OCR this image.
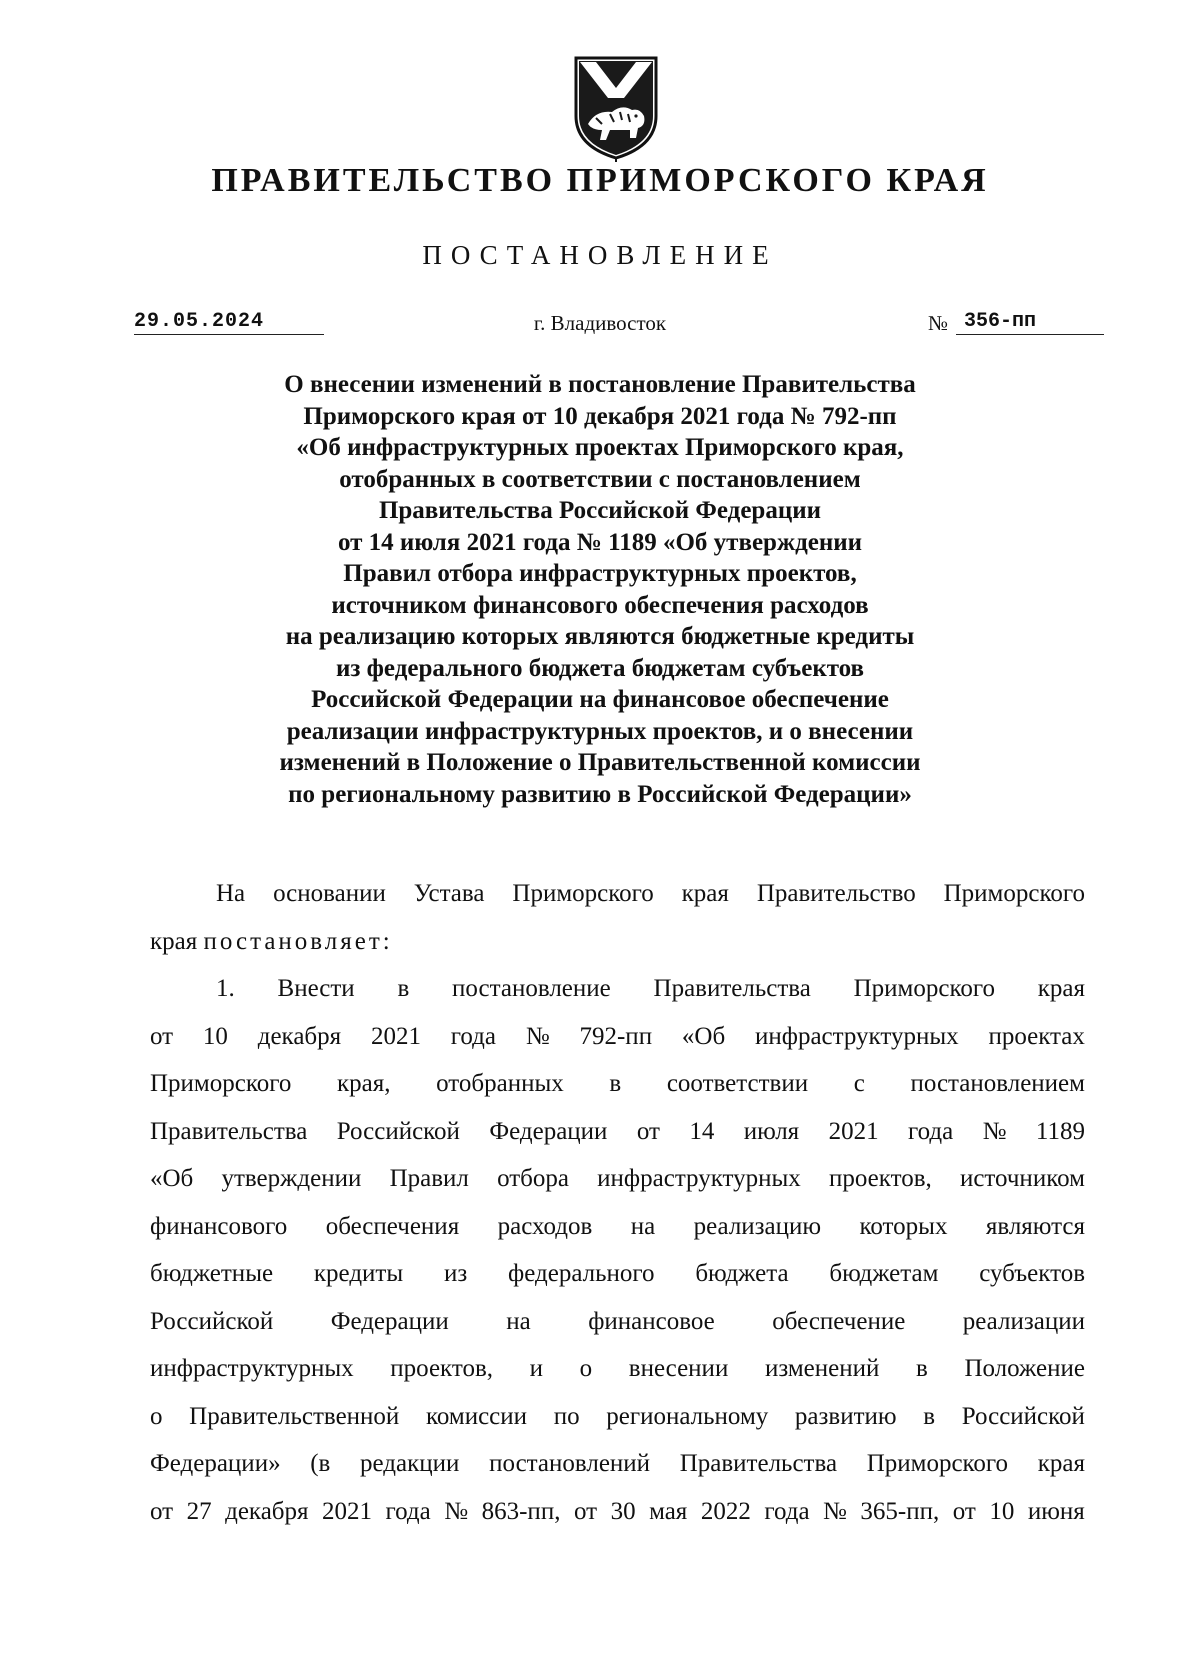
ПРАВИТЕЛЬСТВО ПРИМОРСКОГО КРАЯ
ПОСТАНОВЛЕНИЕ
29.05.2024	г. Владивосток	№ 356-пп
О внесении изменений в постановление Правительства
Приморского края от 10 декабря 2021 года № 792-пп
«Об инфраструктурных проектах Приморского края,
отобранных в соответствии с постановлением
Правительства Российской Федерации
от 14 июля 2021 года № 1189 «Об утверждении
Правил отбора инфраструктурных проектов,
источником финансового обеспечения расходов
на реализацию которых являются бюджетные кредиты
из федерального бюджета бюджетам субъектов
Российской Федерации на финансовое обеспечение
реализации инфраструктурных проектов, и о внесении
изменений в Положение о Правительственной комиссии
по региональному развитию в Российской Федерации»
На основании Устава Приморского края Правительство Приморского
края
постановляет:
1. Внести в постановление Правительства Приморского края
от 10 декабря 2021 года № 792-пп «Об инфраструктурных проектах
Приморского края, отобранных в соответствии с постановлением
Правительства Российской Федерации от 14 июля 2021 года № 1189
«Об утверждении Правил отбора инфраструктурных проектов, источником
финансового обеспечения расходов на реализацию которых являются
бюджетные кредиты из федерального бюджета бюджетам субъектов
Российской Федерации на финансовое обеспечение реализации
инфраструктурных проектов, и о внесении изменений в Положение
о Правительственной комиссии по региональному развитию в Российской
Федерации» (в редакции постановлений Правительства Приморского края
от 27 декабря 2021 года № 863-пп, от 30 мая 2022 года № 365-пп, от 10 июня
